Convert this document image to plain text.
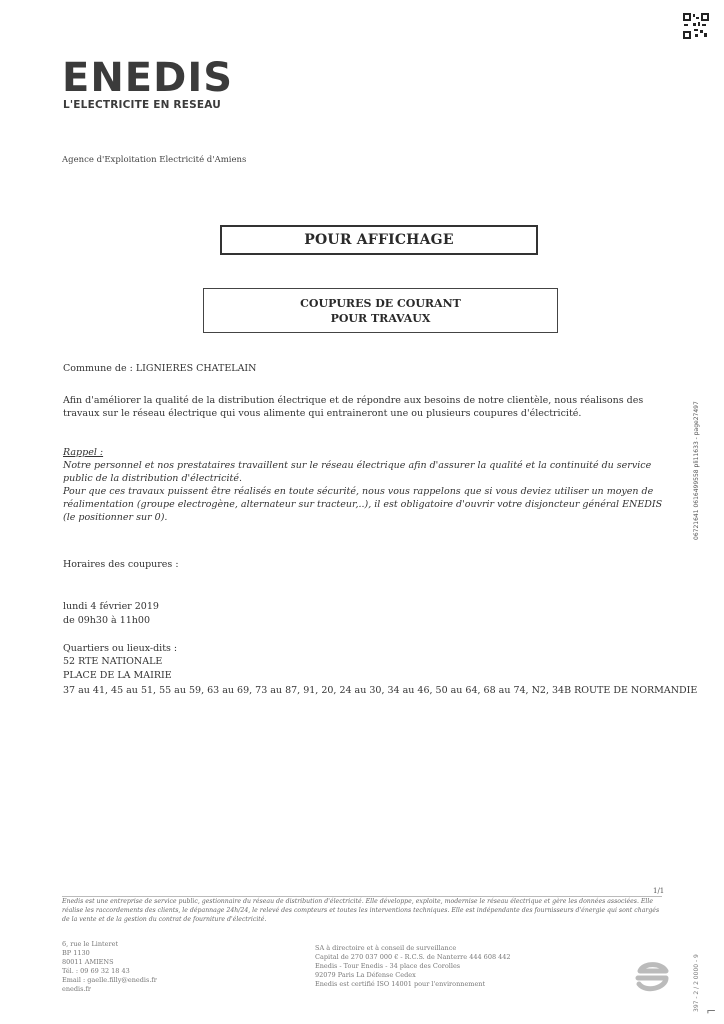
ENEDIS
L'ELECTRICITE EN RESEAU
Agence d'Exploitation Electricité d'Amiens
POUR AFFICHAGE
COUPURES DE COURANT
POUR TRAVAUX
Commune de : LIGNIERES CHATELAIN
Afin d'améliorer la qualité de la distribution électrique et de répondre aux besoins de notre clientèle, nous réalisons des travaux sur le réseau électrique qui vous alimente qui entraineront une ou plusieurs coupures d'électricité.
Rappel :
Notre personnel et nos prestataires travaillent sur le réseau électrique afin d'assurer la qualité et la continuité du service public de la distribution d'électricité.
Pour que ces travaux puissent être réalisés en toute sécurité, nous vous rappelons que si vous deviez utiliser un moyen de réalimentation (groupe electrogène, alternateur sur tracteur,..), il est obligatoire d'ouvrir votre disjoncteur général ENEDIS (le positionner sur 0).
Horaires des coupures :
lundi 4 février 2019
de 09h30 à 11h00
Quartiers ou lieux-dits :
52 RTE NATIONALE
PLACE DE LA MAIRIE
37 au 41, 45 au 51, 55 au 59, 63 au 69, 73 au 87, 91, 20, 24 au 30, 34 au 46, 50 au 64, 68 au 74, N2, 34B ROUTE DE NORMANDIE
06721641 0616499558 pli11633 - page27497
1/1
Enedis est une entreprise de service public, gestionnaire du réseau de distribution d'électricité. Elle développe, exploite, modernise le réseau électrique et gère les données associées. Elle réalise les raccordements des clients, le dépannage 24h/24, le relevé des compteurs et toutes les interventions techniques. Elle est indépendante des fournisseurs d'énergie qui sont chargés de la vente et de la gestion du contrat de fourniture d'électricité.
6, rue le Linteret
BP 1130
80011 AMIENS
Tél. : 09 69 32 18 43
Email : gaelle.filly@enedis.fr
enedis.fr
SA à directoire et à conseil de surveillance
Capital de 270 037 000 € - R.C.S. de Nanterre 444 608 442
Enedis - Tour Enedis - 34 place des Corolles
92079 Paris La Défense Cedex
Enedis est certifié ISO 14001 pour l'environnement	397 - 2 / 2 0000 - 9 ⌐
